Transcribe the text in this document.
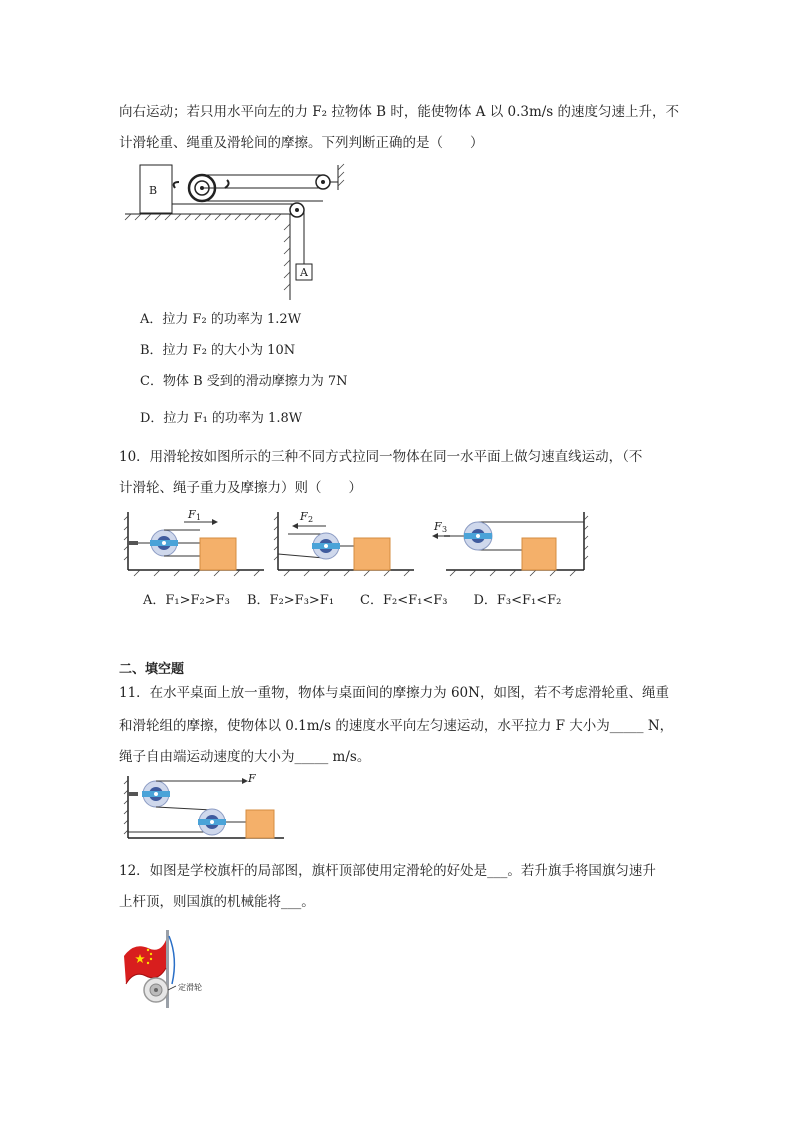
向右运动；若只用水平向左的力 F₂ 拉物体 B 时，能使物体 A 以 0.3m/s 的速度匀速上升，不
计滑轮重、绳重及滑轮间的摩擦。下列判断正确的是（　　）
B
A
A．拉力 F₂ 的功率为 1.2W
B．拉力 F₂ 的大小为 10N
C．物体 B 受到的滑动摩擦力为 7N
D．拉力 F₁ 的功率为 1.8W
10．用滑轮按如图所示的三种不同方式拉同一物体在同一水平面上做匀速直线运动，（不
计滑轮、绳子重力及摩擦力）则（　　）
F 1	F 2
F 3
A．F₁>F₂>F₃　 B．F₂>F₃>F₁　　C．F₂<F₁<F₃　　D．F₃<F₁<F₂
二、填空题
11．在水平桌面上放一重物，物体与桌面间的摩擦力为 60N，如图，若不考虑滑轮重、绳重
和滑轮组的摩擦，使物体以 0.1m/s 的速度水平向左匀速运动，水平拉力 F 大小为_____ N，
绳子自由端运动速度的大小为_____ m/s。
F
12．如图是学校旗杆的局部图，旗杆顶部使用定滑轮的好处是___。若升旗手将国旗匀速升
上杆顶，则国旗的机械能将___。
定滑轮
